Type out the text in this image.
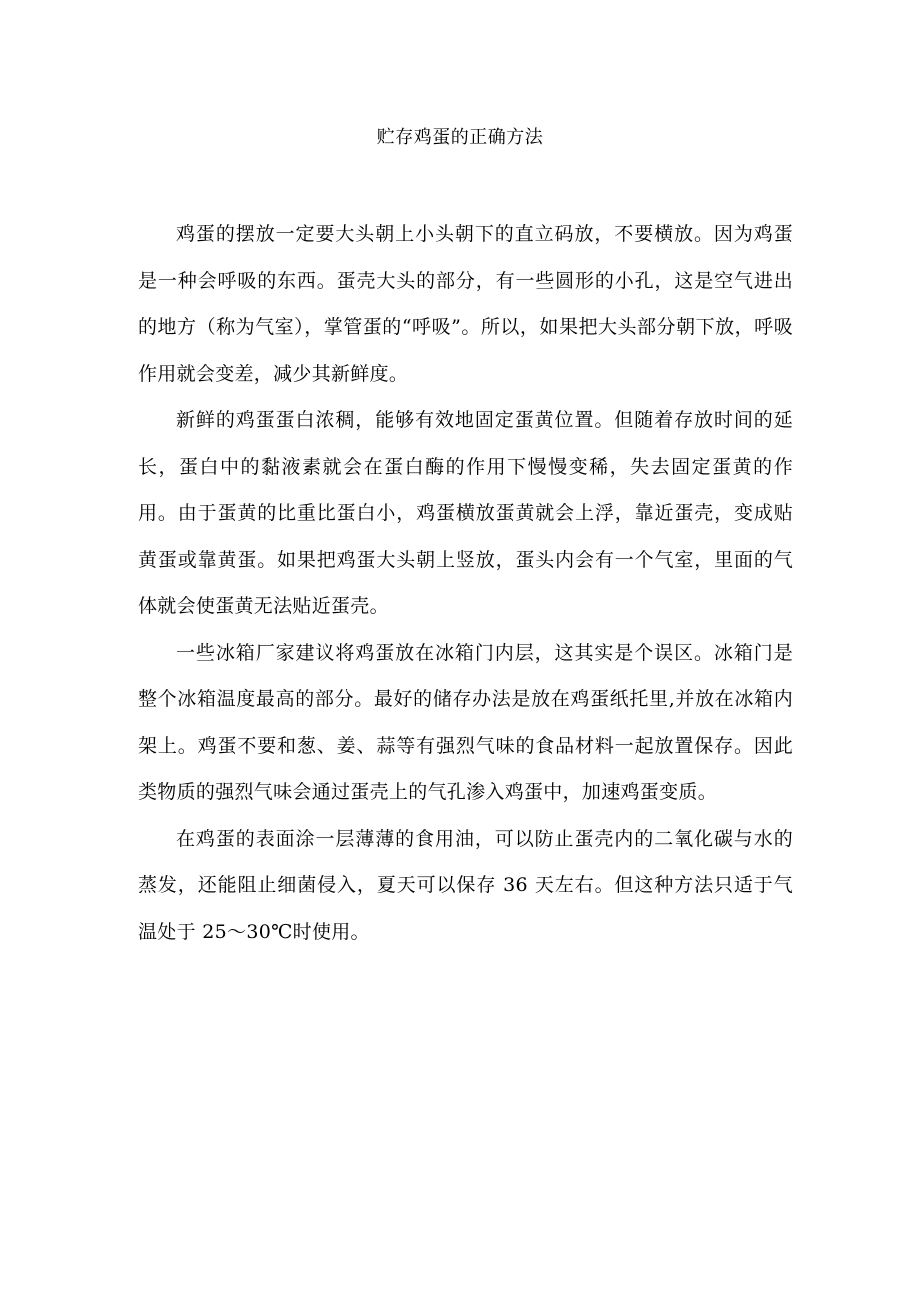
贮存鸡蛋的正确方法

鸡蛋的摆放一定要大头朝上小头朝下的直立码放，不要横放。因为鸡蛋是一种会呼吸的东西。蛋壳大头的部分，有一些圆形的小孔，这是空气进出的地方（称为气室），掌管蛋的“呼吸”。所以，如果把大头部分朝下放，呼吸作用就会变差，减少其新鲜度。

新鲜的鸡蛋蛋白浓稠，能够有效地固定蛋黄位置。但随着存放时间的延长，蛋白中的黏液素就会在蛋白酶的作用下慢慢变稀，失去固定蛋黄的作用。由于蛋黄的比重比蛋白小，鸡蛋横放蛋黄就会上浮，靠近蛋壳，变成贴黄蛋或靠黄蛋。如果把鸡蛋大头朝上竖放，蛋头内会有一个气室，里面的气体就会使蛋黄无法贴近蛋壳。

一些冰箱厂家建议将鸡蛋放在冰箱门内层，这其实是个误区。冰箱门是整个冰箱温度最高的部分。最好的储存办法是放在鸡蛋纸托里,并放在冰箱内架上。鸡蛋不要和葱、姜、蒜等有强烈气味的食品材料一起放置保存。因此类物质的强烈气味会通过蛋壳上的气孔渗入鸡蛋中，加速鸡蛋变质。

在鸡蛋的表面涂一层薄薄的食用油，可以防止蛋壳内的二氧化碳与水的蒸发，还能阻止细菌侵入，夏天可以保存 36 天左右。但这种方法只适于气温处于 25～30℃时使用。
